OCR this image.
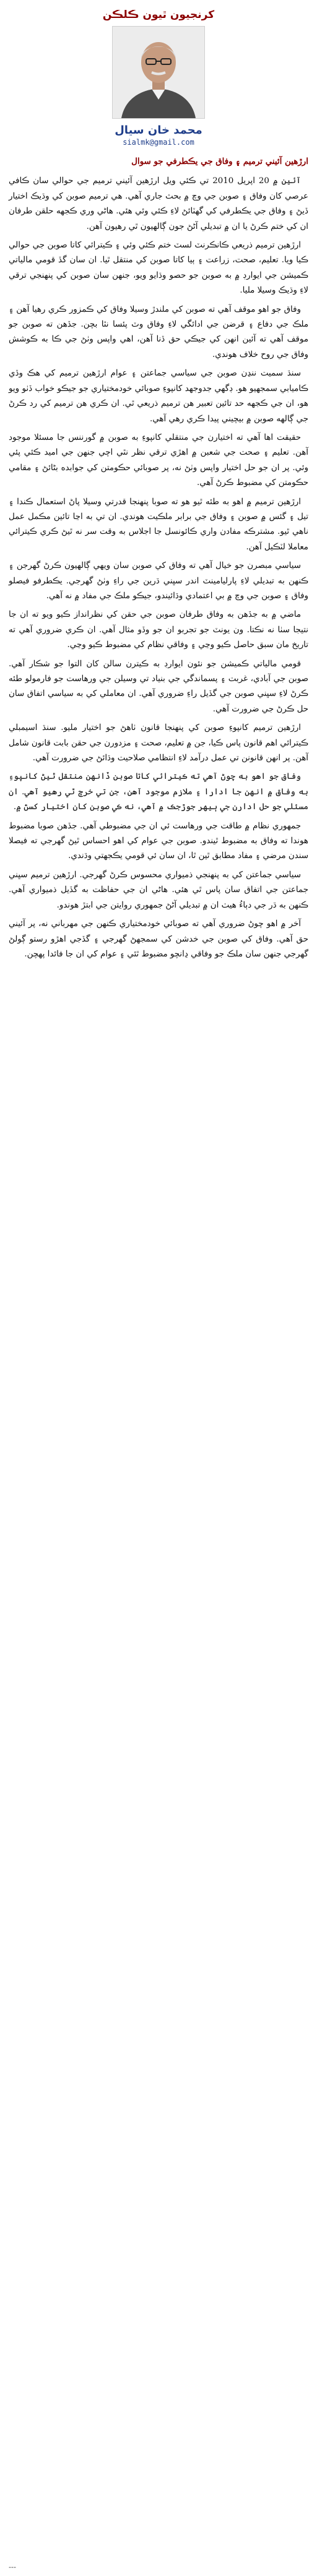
کرنجيون ٿيون ڪلڪن
محمد خان سيال
sialmk@gmail.com

ارڙهين آئيني ترميم ۽ وفاق جي يڪطرفي جو سوال

آئين ۾ 20 اپريل 2010 تي ڪئي ويل ارڙهين آئيني ترميم جي حوالي سان ڪافي عرصي کان وفاق ۽ صوبن جي وچ ۾ بحث جاري آهي. هي ترميم صوبن کي وڌيڪ اختيار ڏيڻ ۽ وفاق جي يڪطرفي کي گهٽائڻ لاءِ ڪئي وئي هئي. هاڻي وري ڪجهه حلقن طرفان ان کي ختم ڪرڻ يا ان ۾ تبديلي آڻڻ جون ڳالهيون ٿي رهيون آهن.

ارڙهين ترميم ذريعي ڪانڪرنٽ لسٽ ختم ڪئي وئي ۽ ڪيترائي کاتا صوبن جي حوالي ڪيا ويا. تعليم، صحت، زراعت ۽ ٻيا کاتا صوبن کي منتقل ٿيا. ان سان گڏ قومي مالياتي ڪميشن جي ايوارڊ ۾ به صوبن جو حصو وڌايو ويو، جنهن سان صوبن کي پنهنجي ترقي لاءِ وڌيڪ وسيلا مليا.

وفاق جو اهو موقف آهي ته صوبن کي ملندڙ وسيلا وفاق کي ڪمزور ڪري رهيا آهن ۽ ملڪ جي دفاع ۽ قرضن جي ادائگي لاءِ وفاق وٽ پئسا نٿا بچن. جڏهن ته صوبن جو موقف آهي ته آئين انهن کي جيڪي حق ڏنا آهن، اهي واپس وٺڻ جي ڪا به ڪوشش وفاق جي روح خلاف هوندي.

سنڌ سميت ننڍن صوبن جي سياسي جماعتن ۽ عوام ارڙهين ترميم کي هڪ وڏي ڪاميابي سمجهيو هو. ڊگهي جدوجهد کانپوءِ صوبائي خودمختياري جو جيڪو خواب ڏٺو ويو هو، ان جي ڪجهه حد تائين تعبير هن ترميم ذريعي ٿي. ان ڪري هن ترميم کي رد ڪرڻ جي ڳالهه صوبن ۾ بيچيني پيدا ڪري رهي آهي.

حقيقت اها آهي ته اختيارن جي منتقلي کانپوءِ به صوبن ۾ گورننس جا مسئلا موجود آهن. تعليم ۽ صحت جي شعبن ۾ اهڙي ترقي نظر نٿي اچي جنهن جي اميد ڪئي پئي وئي. پر ان جو حل اختيار واپس وٺڻ نه، پر صوبائي حڪومتن کي جوابده بڻائڻ ۽ مقامي حڪومتن کي مضبوط ڪرڻ آهي.

ارڙهين ترميم ۾ اهو به طئه ٿيو هو ته صوبا پنهنجا قدرتي وسيلا پاڻ استعمال ڪندا ۽ تيل ۽ گئس ۾ صوبن ۽ وفاق جي برابر ملڪيت هوندي. ان تي به اڃا تائين مڪمل عمل ناهي ٿيو. مشترڪه مفادن واري ڪائونسل جا اجلاس به وقت سر نه ٿيڻ ڪري ڪيترائي معاملا لٽڪيل آهن.

سياسي مبصرن جو خيال آهي ته وفاق کي صوبن سان ويهي ڳالهيون ڪرڻ گهرجن ۽ ڪنهن به تبديلي لاءِ پارليامينٽ اندر سڀني ڌرين جي راءِ وٺڻ گهرجي. يڪطرفو فيصلو وفاق ۽ صوبن جي وچ ۾ بي اعتمادي وڌائيندو، جيڪو ملڪ جي مفاد ۾ نه آهي.

ماضي ۾ به جڏهن به وفاق طرفان صوبن جي حقن کي نظرانداز ڪيو ويو ته ان جا نتيجا سٺا نه نڪتا. ون يونٽ جو تجربو ان جو وڏو مثال آهي. ان ڪري ضروري آهي ته تاريخ مان سبق حاصل ڪيو وڃي ۽ وفاقي نظام کي مضبوط ڪيو وڃي.

قومي مالياتي ڪميشن جو نئون ايوارڊ به ڪيترن سالن کان التوا جو شڪار آهي. صوبن جي آبادي، غربت ۽ پسماندگي جي بنياد تي وسيلن جي ورهاست جو فارمولو طئه ڪرڻ لاءِ سڀني صوبن جي گڏيل راءِ ضروري آهي. ان معاملي کي به سياسي اتفاق سان حل ڪرڻ جي ضرورت آهي.

ارڙهين ترميم کانپوءِ صوبن کي پنهنجا قانون ٺاهڻ جو اختيار مليو. سنڌ اسيمبلي ڪيترائي اهم قانون پاس ڪيا، جن ۾ تعليم، صحت ۽ مزدورن جي حقن بابت قانون شامل آهن. پر انهن قانونن تي عمل درآمد لاءِ انتظامي صلاحيت وڌائڻ جي ضرورت آهي.

وفاق جو اهو به چوڻ آهي ته ڪيترائي کاتا صوبن ڏانهن منتقل ٿيڻ کانپوءِ به وفاق ۾ انهن جا ادارا ۽ ملازم موجود آهن، جن تي خرچ ٿي رهيو آهي. ان مسئلي جو حل ادارن جي ٻيهر جوڙجڪ ۾ آهي، نه ڪي صوبن کان اختيار کسڻ ۾.

جمهوري نظام ۾ طاقت جي ورهاست ئي ان جي مضبوطي آهي. جڏهن صوبا مضبوط هوندا ته وفاق به مضبوط ٿيندو. صوبن جي عوام کي اهو احساس ٿيڻ گهرجي ته فيصلا سندن مرضي ۽ مفاد مطابق ٿين ٿا، ان سان ئي قومي يڪجهتي وڌندي.

سياسي جماعتن کي به پنهنجي ذميواري محسوس ڪرڻ گهرجي. ارڙهين ترميم سڀني جماعتن جي اتفاق سان پاس ٿي هئي. هاڻي ان جي حفاظت به گڏيل ذميواري آهي. ڪنهن به ڌر جي دٻاءُ هيٺ ان ۾ تبديلي آڻڻ جمهوري روايتن جي ابتڙ هوندو.

آخر ۾ اهو چوڻ ضروري آهي ته صوبائي خودمختياري ڪنهن جي مهرباني نه، پر آئيني حق آهي. وفاق کي صوبن جي خدشن کي سمجهڻ گهرجي ۽ گڏجي اهڙو رستو ڳولڻ گهرجي جنهن سان ملڪ جو وفاقي ڍانچو مضبوط ٿئي ۽ عوام کي ان جا فائدا پهچن.

---
